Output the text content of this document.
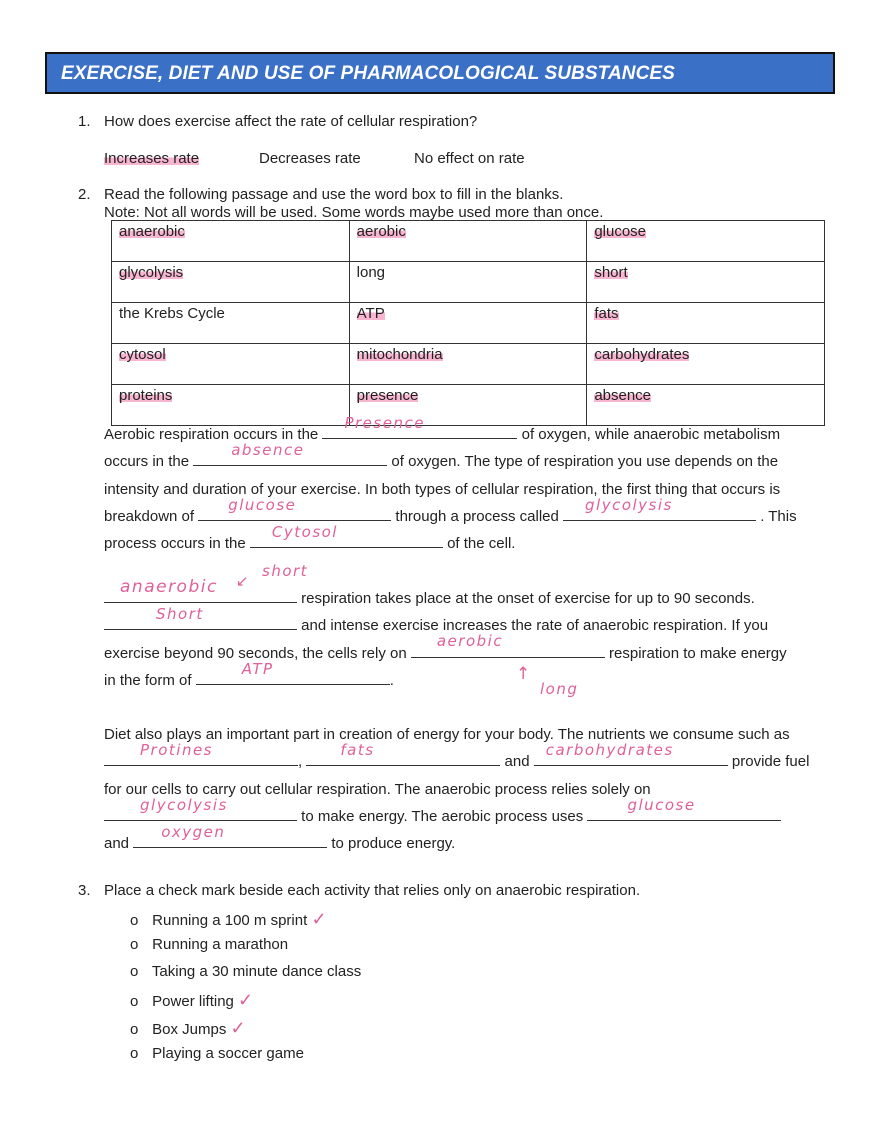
EXERCISE, DIET AND USE OF PHARMACOLOGICAL SUBSTANCES
1. How does exercise affect the rate of cellular respiration?
Increases rate	Decreases rate	No effect on rate
2. Read the following passage and use the word box to fill in the blanks.
Note: Not all words will be used. Some words maybe used more than once.
anaerobic	aerobic	glucose
glycolysis	long	short
the Krebs Cycle	ATP	fats
cytosol	mitochondria	carbohydrates
proteins	presence	absence
Aerobic respiration occurs in the
Presence
of oxygen, while anaerobic metabolism
occurs in the
absence
of oxygen. The type of respiration you use depends on the
intensity and duration of your exercise. In both types of cellular respiration, the first thing that occurs is
breakdown of
glucose
through a process called
glycolysis
. This
process occurs in the
Cytosol
of the cell.
short
↙
anaerobic
respiration takes place at the onset of exercise for up to 90 seconds.
Short
and intense exercise increases the rate of anaerobic respiration. If you
exercise beyond 90 seconds, the cells rely on
aerobic
respiration to make energy
in the form of
ATP
.	↑
long
Diet also plays an important part in creation of energy for your body. The nutrients we consume such as
Protines
,
fats
and
carbohydrates
provide fuel
for our cells to carry out cellular respiration. The anaerobic process relies solely on
glycolysis
to make energy. The aerobic process uses
glucose
and
oxygen
to produce energy.
3. Place a check mark beside each activity that relies only on anaerobic respiration.
o Running a 100 m sprint ✓
o Running a marathon
o Taking a 30 minute dance class
o Power lifting ✓
o Box Jumps ✓
o Playing a soccer game
